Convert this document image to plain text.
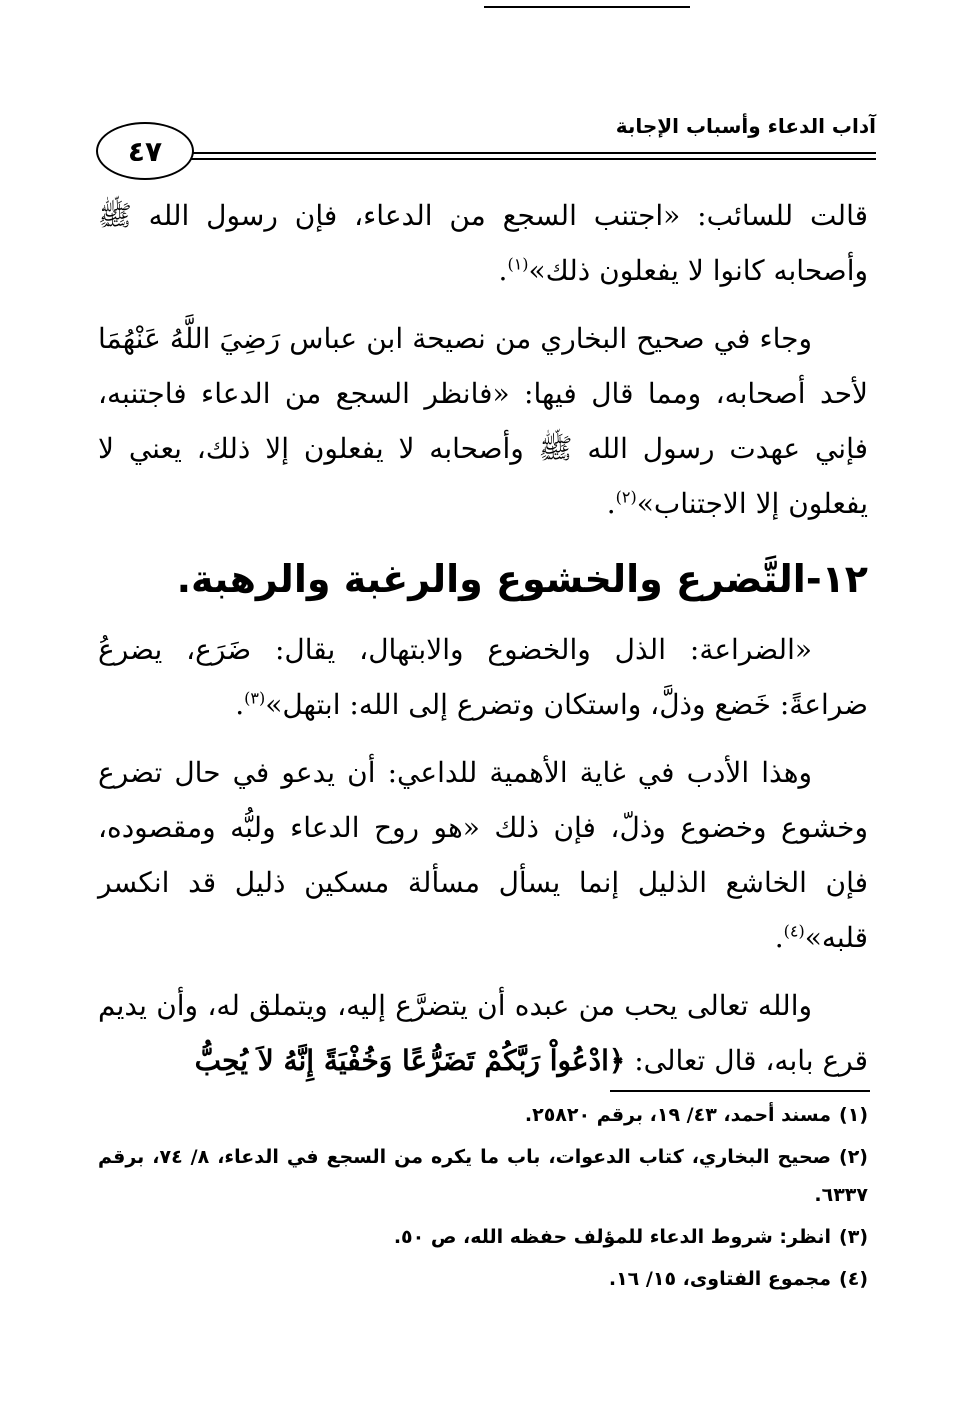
٤٧
آداب الدعاء وأسباب الإجابة

قالت للسائب: «اجتنب السجع من الدعاء، فإن رسول الله ﷺ وأصحابه كانوا لا يفعلون ذلك»$^{(١)}$.

وجاء في صحيح البخاري من نصيحة ابن عباس رَضِيَ اللَّهُ عَنْهُمَا لأحد أصحابه، ومما قال فيها: «فانظر السجع من الدعاء فاجتنبه، فإني عهدت رسول الله ﷺ وأصحابه لا يفعلون إلا ذلك، يعني لا يفعلون إلا الاجتناب»$^{(٢)}$.

١٢-التَّضرع والخشوع والرغبة والرهبة.

«الضراعة: الذل والخضوع والابتهال، يقال: ضَرَع، يضرعُ ضراعةً: خَضع وذلَّ، واستكان وتضرع إلى الله: ابتهل»$^{(٣)}$.

وهذا الأدب في غاية الأهمية للداعي: أن يدعو في حال تضرع وخشوع وخضوع وذلّ، فإن ذلك «هو روح الدعاء ولبُّه ومقصوده، فإن الخاشع الذليل إنما يسأل مسألة مسكين ذليل قد انكسر قلبه»$^{(٤)}$.

والله تعالى يحب من عبده أن يتضرَّع إليه، ويتملق له، وأن يديم قرع بابه، قال تعالى: ﴿ادْعُواْ رَبَّكُمْ تَضَرُّعًا وَخُفْيَةً إِنَّهُ لاَ يُحِبُّ

(١)مسند أحمد، ٤٣/ ١٩، برقم ٢٥٨٢٠.
(٢)صحيح البخاري، كتاب الدعوات، باب ما يكره من السجع في الدعاء، ٨/ ٧٤، برقم ٦٣٣٧.
(٣)انظر: شروط الدعاء للمؤلف حفظه الله، ص ٥٠.
(٤)مجموع الفتاوى، ١٥/ ١٦.
